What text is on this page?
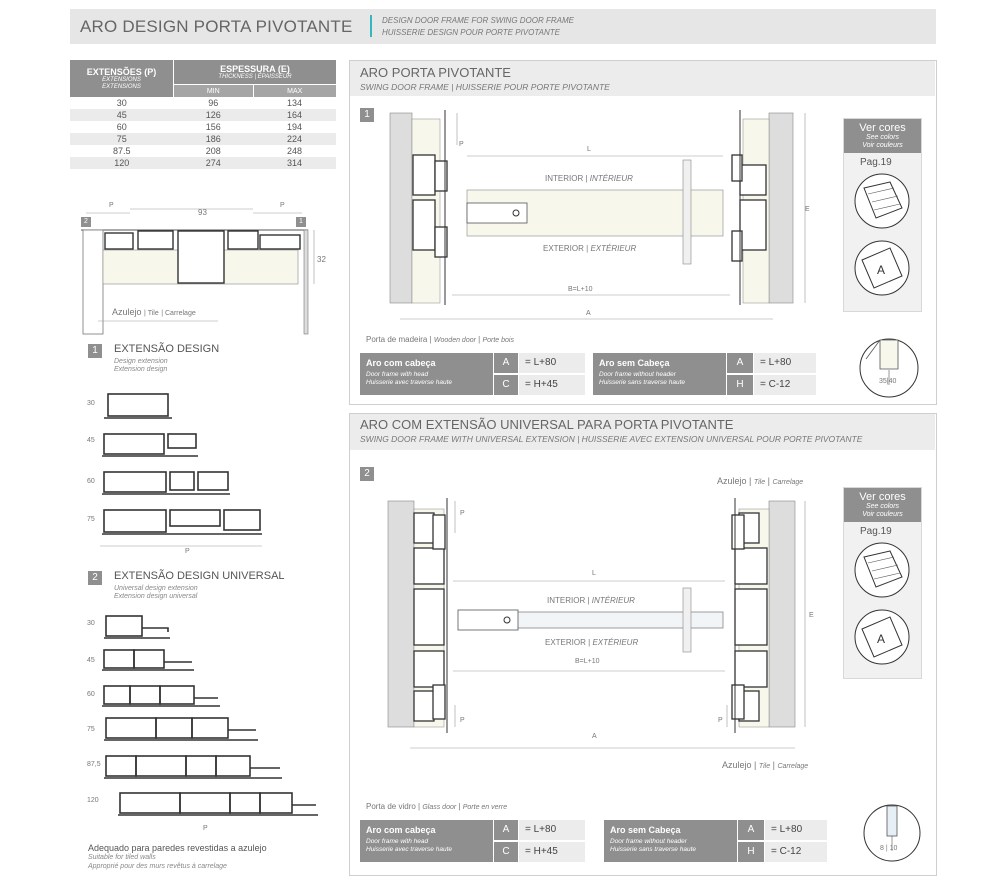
ARO DESIGN PORTA PIVOTANTE	DESIGN DOOR FRAME FOR SWING DOOR FRAME
HUISSERIE DESIGN POUR PORTE PIVOTANTE
EXTENSÕES (P)
EXTENSIONS
EXTENSIONS	ESPESSURA (E)
THICKNESS | ÉPAISSEUR	

	MIN	MAX
30	96	134
45	126	164
60	156	194
75	186	224
87.5	208	248
120	274	314
P	P
93
2	1
32
Azulejo | Tile | Carrelage
1	EXTENSÃO DESIGN
Design extension
Extension design
30
45
60
75
P
2	EXTENSÃO DESIGN UNIVERSAL
Universal design extension
Extension design universal
30
45
60
75
87,5
120
P
Adequado para paredes revestidas a azulejo
Suitable for tiled walls
Approprié pour des murs revêtus à carrelage
ARO PORTA PIVOTANTE
SWING DOOR FRAME | HUISSERIE POUR PORTE PIVOTANTE
1
P
L
E
INTERIOR | INTÉRIEUR
EXTERIOR | EXTÉRIEUR
B=L+10
A
Porta de madeira | Wooden door | Porte bois
Aro com cabeça
Door frame with head
Huisserie avec traverse haute
A	= L+80
C	= H+45
Aro sem Cabeça
Door frame without header
Huisserie sans traverse haute
A	= L+80
H	= C-12
Ver cores
See colors
Voir couleurs
Pag.19
A
35|40
ARO COM EXTENSÃO UNIVERSAL PARA PORTA PIVOTANTE
SWING DOOR FRAME WITH UNIVERSAL EXTENSION | HUISSERIE AVEC EXTENSION UNIVERSAL POUR PORTE PIVOTANTE
2
Azulejo | Tile | Carrelage
P
P	P
L
E
INTERIOR | INTÉRIEUR
EXTERIOR | EXTÉRIEUR
B=L+10
A
Azulejo | Tile | Carrelage
Porta de vidro | Glass door | Porte en verre
Aro com cabeça
Door frame with head
Huisserie avec traverse haute
A	= L+80
C	= H+45
Aro sem Cabeça
Door frame without header
Huisserie sans traverse haute
A	= L+80
H	= C-12
Ver cores
See colors
Voir couleurs
Pag.19
A
8 | 10
